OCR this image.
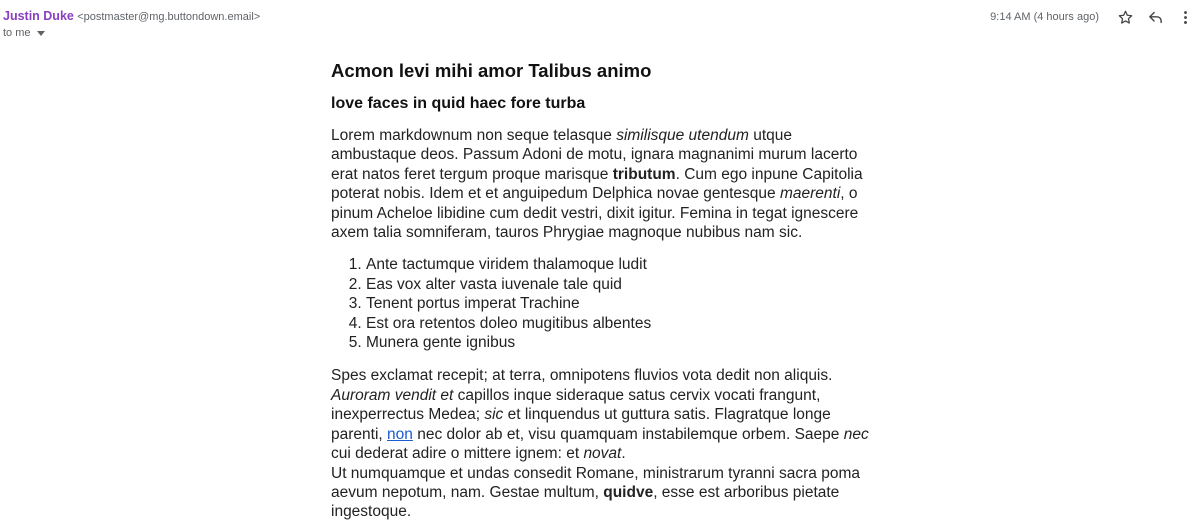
Justin Duke <postmaster@mg.buttondown.email>
to me
9:14 AM (4 hours ago)
Acmon levi mihi amor Talibus animo
love faces in quid haec fore turba

Lorem markdownum non seque telasque similisque utendum utque ambustaque deos. Passum Adoni de motu, ignara magnanimi murum lacerto erat natos feret tergum proque marisque tributum. Cum ego inpune Capitolia poterat nobis. Idem et et anguipedum Delphica novae gentesque maerenti, o pinum Acheloe libidine cum dedit vestri, dixit igitur. Femina in tegat ignescere axem talia somniferam, tauros Phrygiae magnoque nubibus nam sic.

1. Ante tactumque viridem thalamoque ludit
2. Eas vox alter vasta iuvenale tale quid
3. Tenent portus imperat Trachine
4. Est ora retentos doleo mugitibus albentes
5. Munera gente ignibus

Spes exclamat recepit; at terra, omnipotens fluvios vota dedit non aliquis. Auroram vendit et capillos inque sideraque satus cervix vocati frangunt, inexperrectus Medea; sic et linquendus ut guttura satis. Flagratque longe parenti, non nec dolor ab et, visu quamquam instabilemque orbem. Saepe nec cui dederat adire o mittere ignem: et novat.

Ut numquamque et undas consedit Romane, ministrarum tyranni sacra poma aevum nepotum, nam. Gestae multum, quidve, esse est arboribus pietate ingestoque.
